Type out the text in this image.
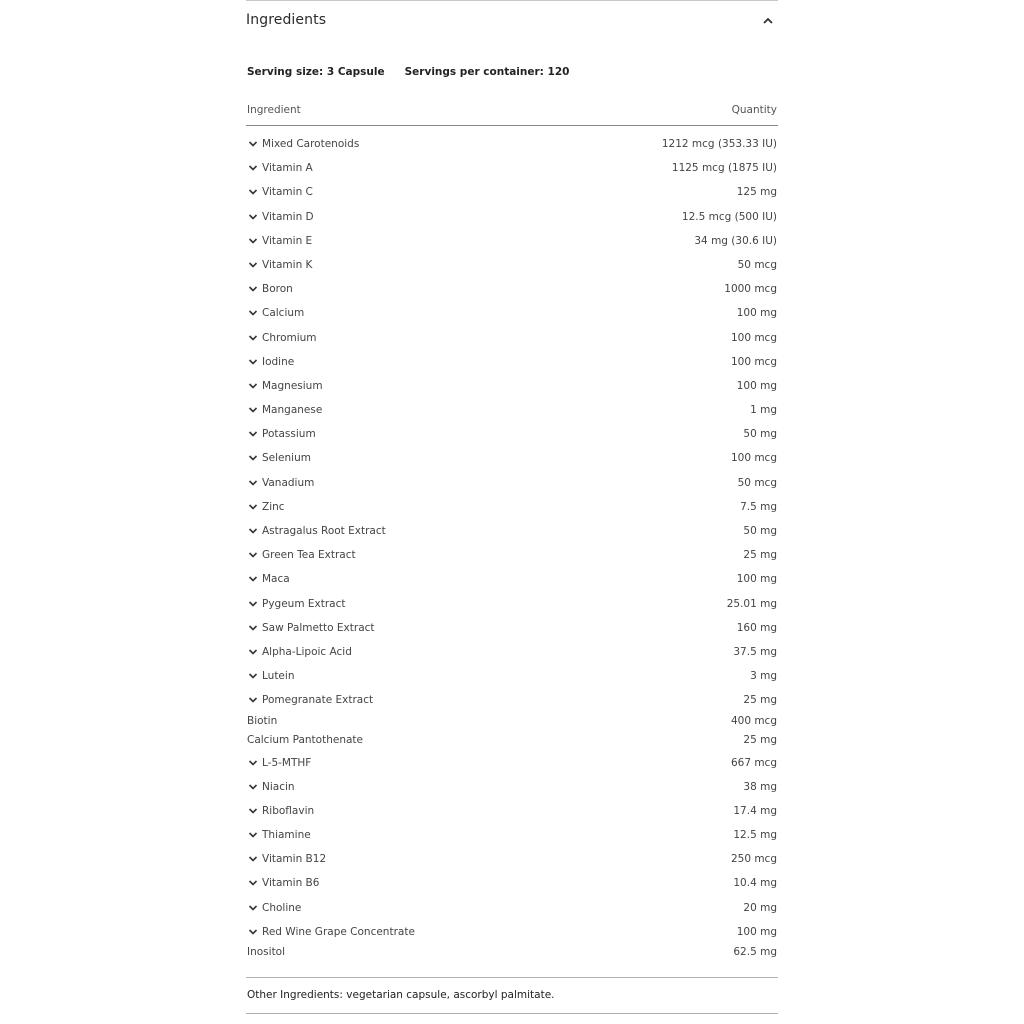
Ingredients
Serving size: 3 Capsule Servings per container: 120
Ingredient	Quantity
Mixed Carotenoids	1212 mcg (353.33 IU)
Vitamin A	1125 mcg (1875 IU)
Vitamin C	125 mg
Vitamin D	12.5 mcg (500 IU)
Vitamin E	34 mg (30.6 IU)
Vitamin K	50 mcg
Boron	1000 mcg
Calcium	100 mg
Chromium	100 mcg
Iodine	100 mcg
Magnesium	100 mg
Manganese	1 mg
Potassium	50 mg
Selenium	100 mcg
Vanadium	50 mcg
Zinc	7.5 mg
Astragalus Root Extract	50 mg
Green Tea Extract	25 mg
Maca	100 mg
Pygeum Extract	25.01 mg
Saw Palmetto Extract	160 mg
Alpha-Lipoic Acid	37.5 mg
Lutein	3 mg
Pomegranate Extract	25 mg
Biotin	400 mcg
Calcium Pantothenate	25 mg
L-5-MTHF	667 mcg
Niacin	38 mg
Riboflavin	17.4 mg
Thiamine	12.5 mg
Vitamin B12	250 mcg
Vitamin B6	10.4 mg
Choline	20 mg
Red Wine Grape Concentrate	100 mg
Inositol	62.5 mg
Other Ingredients: vegetarian capsule, ascorbyl palmitate.
